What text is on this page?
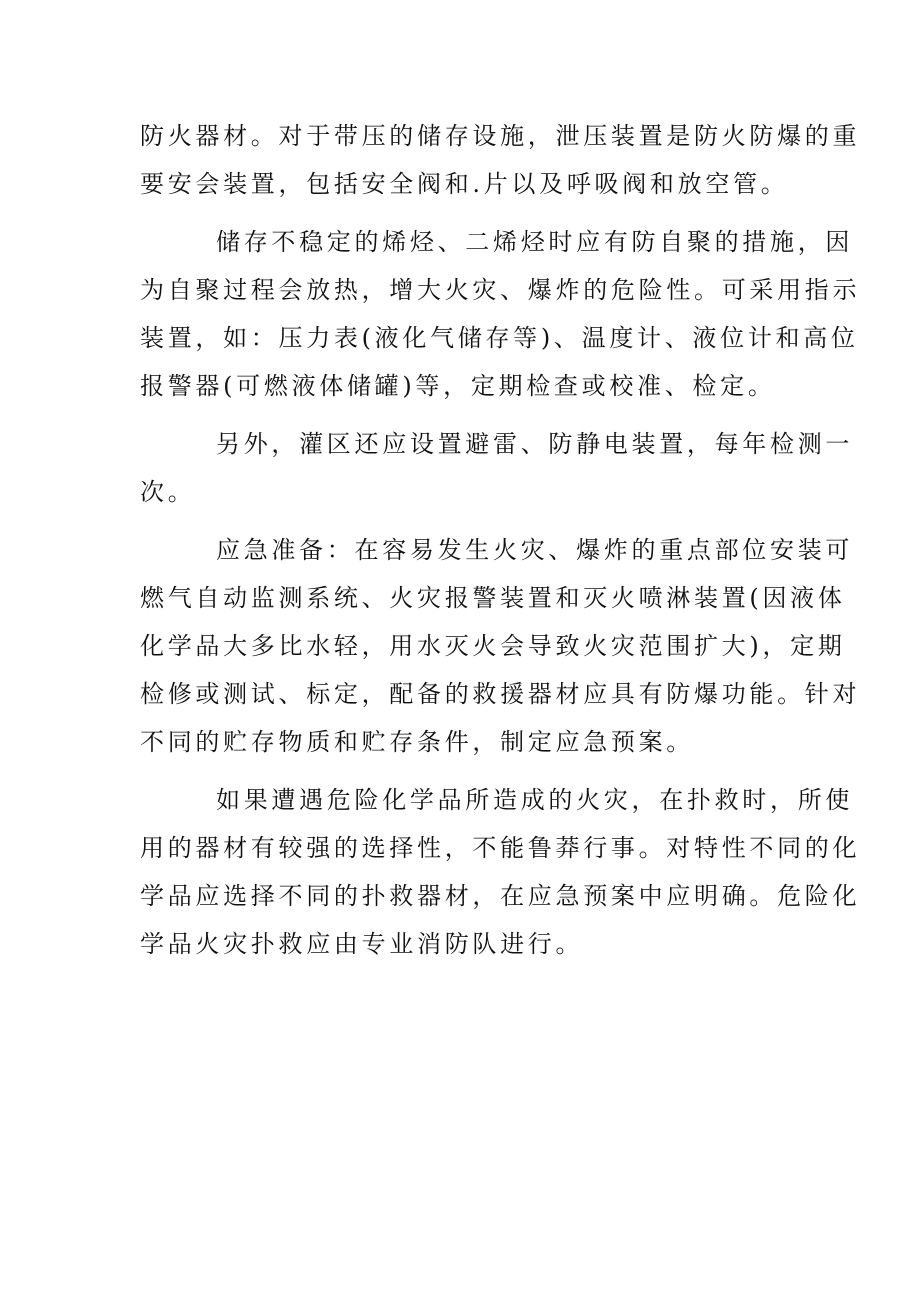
防火器材。对于带压的储存设施，泄压装置是防火防爆的重
要安会装置，包括安全阀和.片以及呼吸阀和放空管。
储存不稳定的烯烃、二烯烃时应有防自聚的措施，因
为自聚过程会放热，增大火灾、爆炸的危险性。可采用指示
装置，如：压力表(液化气储存等)、温度计、液位计和高位
报警器(可燃液体储罐)等，定期检查或校准、检定。
另外，灌区还应设置避雷、防静电装置，每年检测一
次。
应急准备：在容易发生火灾、爆炸的重点部位安装可
燃气自动监测系统、火灾报警装置和灭火喷淋装置(因液体
化学品大多比水轻，用水灭火会导致火灾范围扩大)，定期
检修或测试、标定，配备的救援器材应具有防爆功能。针对
不同的贮存物质和贮存条件，制定应急预案。
如果遭遇危险化学品所造成的火灾，在扑救时，所使
用的器材有较强的选择性，不能鲁莽行事。对特性不同的化
学品应选择不同的扑救器材，在应急预案中应明确。危险化
学品火灾扑救应由专业消防队进行。
